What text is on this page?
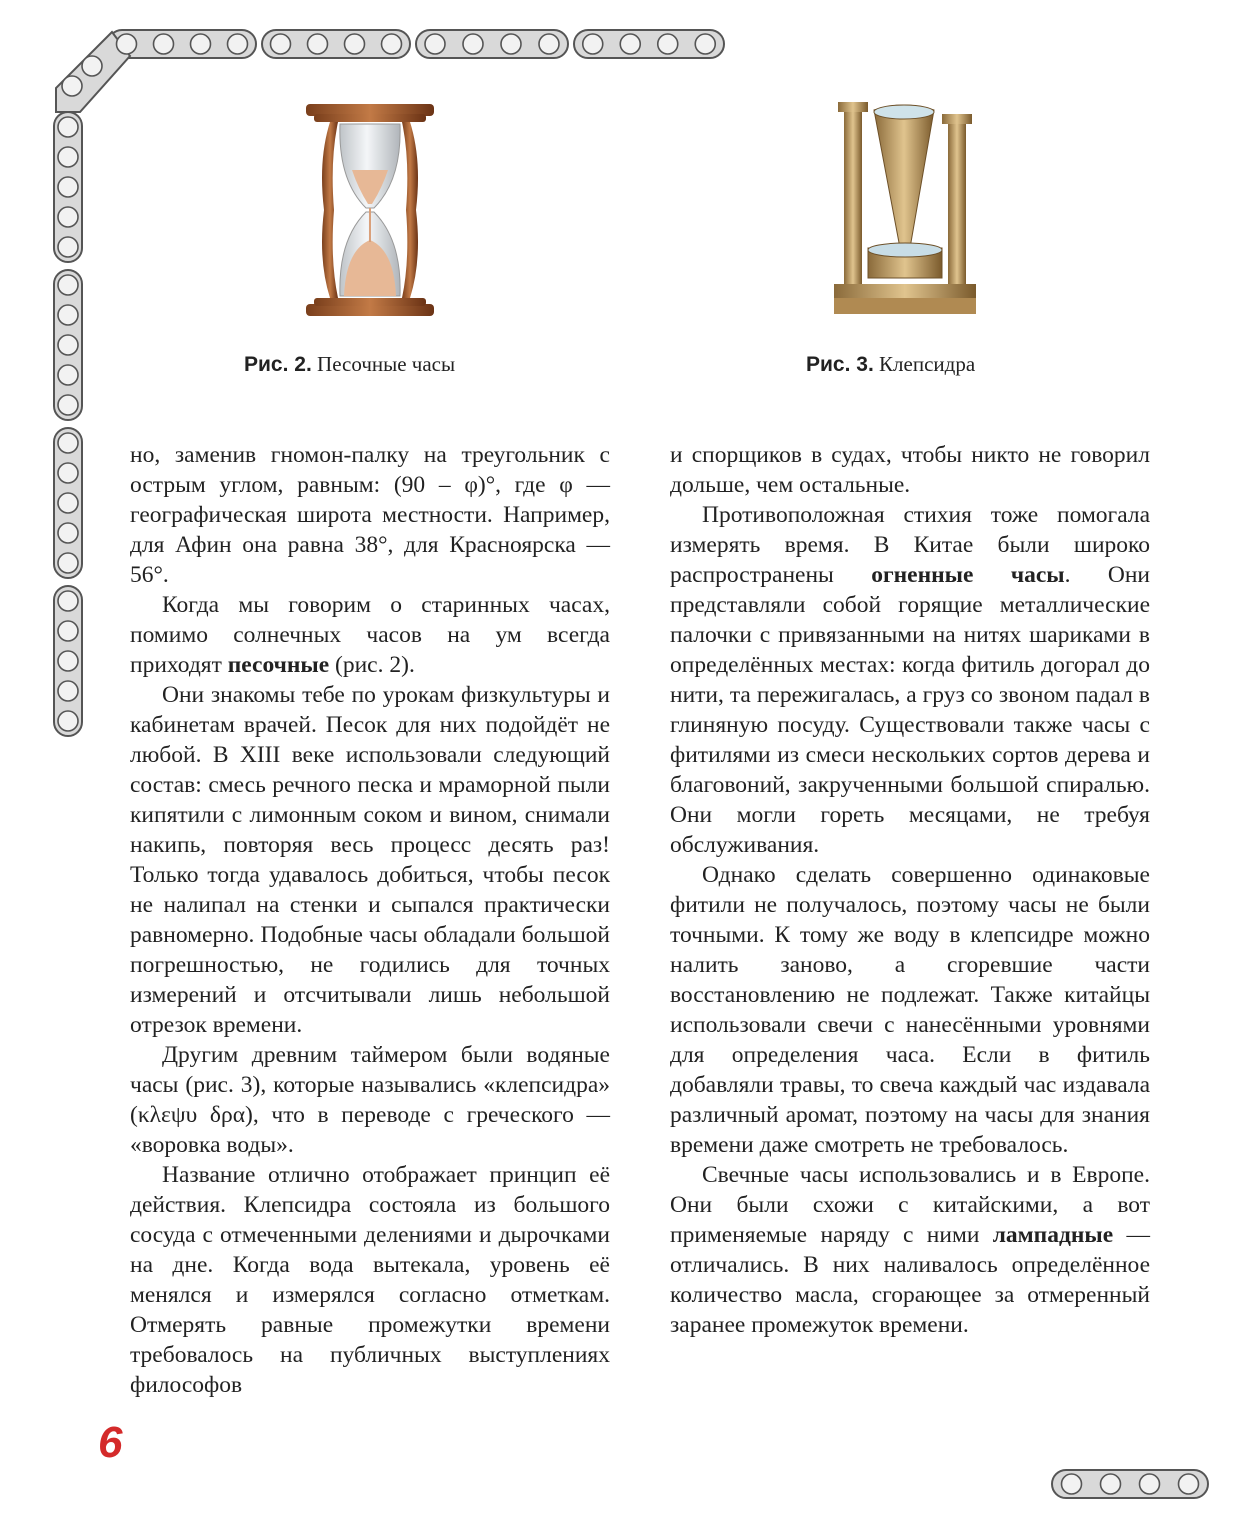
Рис. 2. Песочные часы	Рис. 3. Клепсидра

но, заменив гномон-палку на треугольник с острым углом, равным: (90 – φ)°, где φ — географическая широта местности. Например, для Афин она равна 38°, для Красноярска — 56°.

Когда мы говорим о старинных часах, помимо солнечных часов на ум всегда приходят песочные (рис. 2).

Они знакомы тебе по урокам физкультуры и кабинетам врачей. Песок для них подойдёт не любой. В XIII веке использовали следующий состав: смесь речного песка и мраморной пыли кипятили с лимонным соком и вином, снимали накипь, повторяя весь процесс десять раз! Только тогда удавалось добиться, чтобы песок не налипал на стенки и сыпался практически равномерно. Подобные часы обладали большой погрешностью, не годились для точных измерений и отсчитывали лишь небольшой отрезок времени.

Другим древним таймером были водяные часы (рис. 3), которые назывались «клепсидра» (κλεψυ δρα), что в переводе с греческого — «воровка воды».

Название отлично отображает принцип её действия. Клепсидра состояла из большого сосуда с отмеченными делениями и дырочками на дне. Когда вода вытекала, уровень её менялся и измерялся согласно отметкам. Отмерять равные промежутки времени требовалось на публичных выступлениях философов

и спорщиков в судах, чтобы никто не говорил дольше, чем остальные.

Противоположная стихия тоже помогала измерять время. В Китае были широко распространены огненные часы. Они представляли собой горящие металлические палочки с привязанными на нитях шариками в определённых местах: когда фитиль догорал до нити, та пережигалась, а груз со звоном падал в глиняную посуду. Существовали также часы с фитилями из смеси нескольких сортов дерева и благовоний, закрученными большой спиралью. Они могли гореть месяцами, не требуя обслуживания.

Однако сделать совершенно одинаковые фитили не получалось, поэтому часы не были точными. К тому же воду в клепсидре можно налить заново, а сгоревшие части восстановлению не подлежат. Также китайцы использовали свечи с нанесёнными уровнями для определения часа. Если в фитиль добавляли травы, то свеча каждый час издавала различный аромат, поэтому на часы для знания времени даже смотреть не требовалось.

Свечные часы использовались и в Европе. Они были схожи с китайскими, а вот применяемые наряду с ними лампадные — отличались. В них наливалось определённое количество масла, сгорающее за отмеренный заранее промежуток времени.

6
